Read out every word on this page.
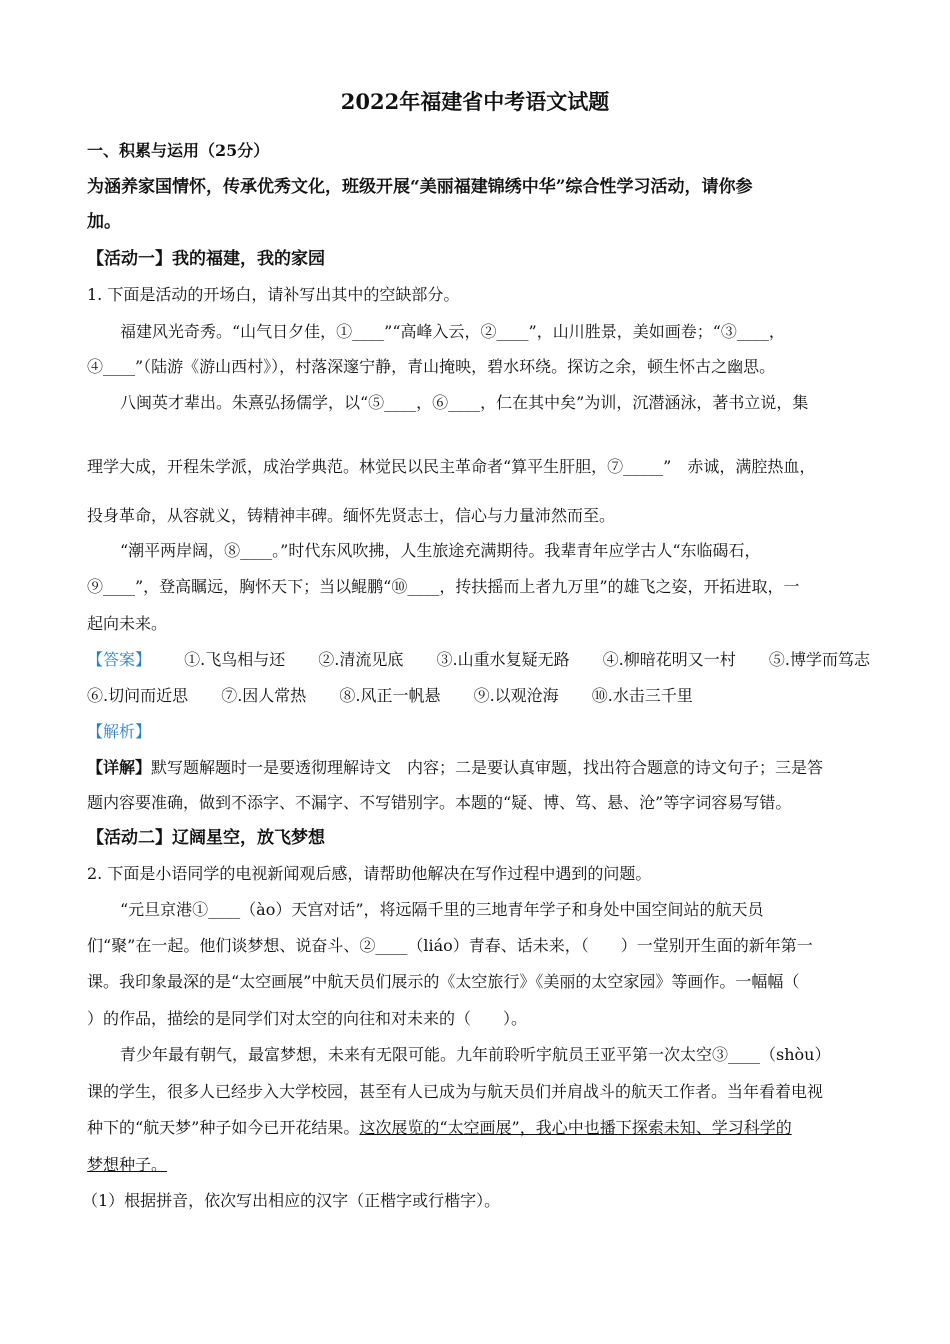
2022年福建省中考语文试题
一、积累与运用（25分）
为涵养家国情怀，传承优秀文化，班级开展“美丽福建锦绣中华”综合性学习活动，请你参
加。
【活动一】我的福建，我的家园
1. 下面是活动的开场白，请补写出其中的空缺部分。
福建风光奇秀。“山气日夕佳，①____”“高峰入云，②____”，山川胜景，美如画卷；“③____，
④____”（陆游《游山西村》），村落深邃宁静，青山掩映，碧水环绕。探访之余，顿生怀古之幽思。
八闽英才辈出。朱熹弘扬儒学，以“⑤____，⑥____，仁在其中矣”为训，沉潜涵泳，著书立说，集
理学大成，开程朱学派，成治学典范。林觉民以民主革命者“算平生肝胆，⑦_____”　赤诚，满腔热血，
投身革命，从容就义，铸精神丰碑。缅怀先贤志士，信心与力量沛然而至。
“潮平两岸阔，⑧____。”时代东风吹拂，人生旅途充满期待。我辈青年应学古人“东临碣石，
⑨____”，登高瞩远，胸怀天下；当以鲲鹏“⑩____，抟扶摇而上者九万里”的雄飞之姿，开拓进取，一
起向未来。
【答案】 ①.飞鸟相与还 ②.清流见底 ③.山重水复疑无路 ④.柳暗花明又一村 ⑤.博学而笃志
⑥.切问而近思 ⑦.因人常热 ⑧.风正一帆悬 ⑨.以观沧海 ⑩.水击三千里
【解析】
【详解】默写题解题时一是要透彻理解诗文　内容；二是要认真审题，找出符合题意的诗文句子；三是答
题内容要准确，做到不添字、不漏字、不写错别字。本题的“疑、博、笃、悬、沧”等字词容易写错。
【活动二】辽阔星空，放飞梦想
2. 下面是小语同学的电视新闻观后感，请帮助他解决在写作过程中遇到的问题。
“元旦京港①____（ào）天宫对话”，将远隔千里的三地青年学子和身处中国空间站的航天员
们“聚”在一起。他们谈梦想、说奋斗、②____（liáo）青春、话未来，（　　）一堂别开生面的新年第一
课。我印象最深的是“太空画展”中航天员们展示的《太空旅行》《美丽的太空家园》等画作。一幅幅（
）的作品，描绘的是同学们对太空的向往和对未来的（　　）。
青少年最有朝气，最富梦想，未来有无限可能。九年前聆听宇航员王亚平第一次太空③____（shòu）
课的学生，很多人已经步入大学校园，甚至有人已成为与航天员们并肩战斗的航天工作者。当年看着电视
种下的“航天梦”种子如今已开花结果。这次展览的“太空画展”，我心中也播下探索未知、学习科学的
梦想种子。
（1）根据拼音，依次写出相应的汉字（正楷字或行楷字）。
